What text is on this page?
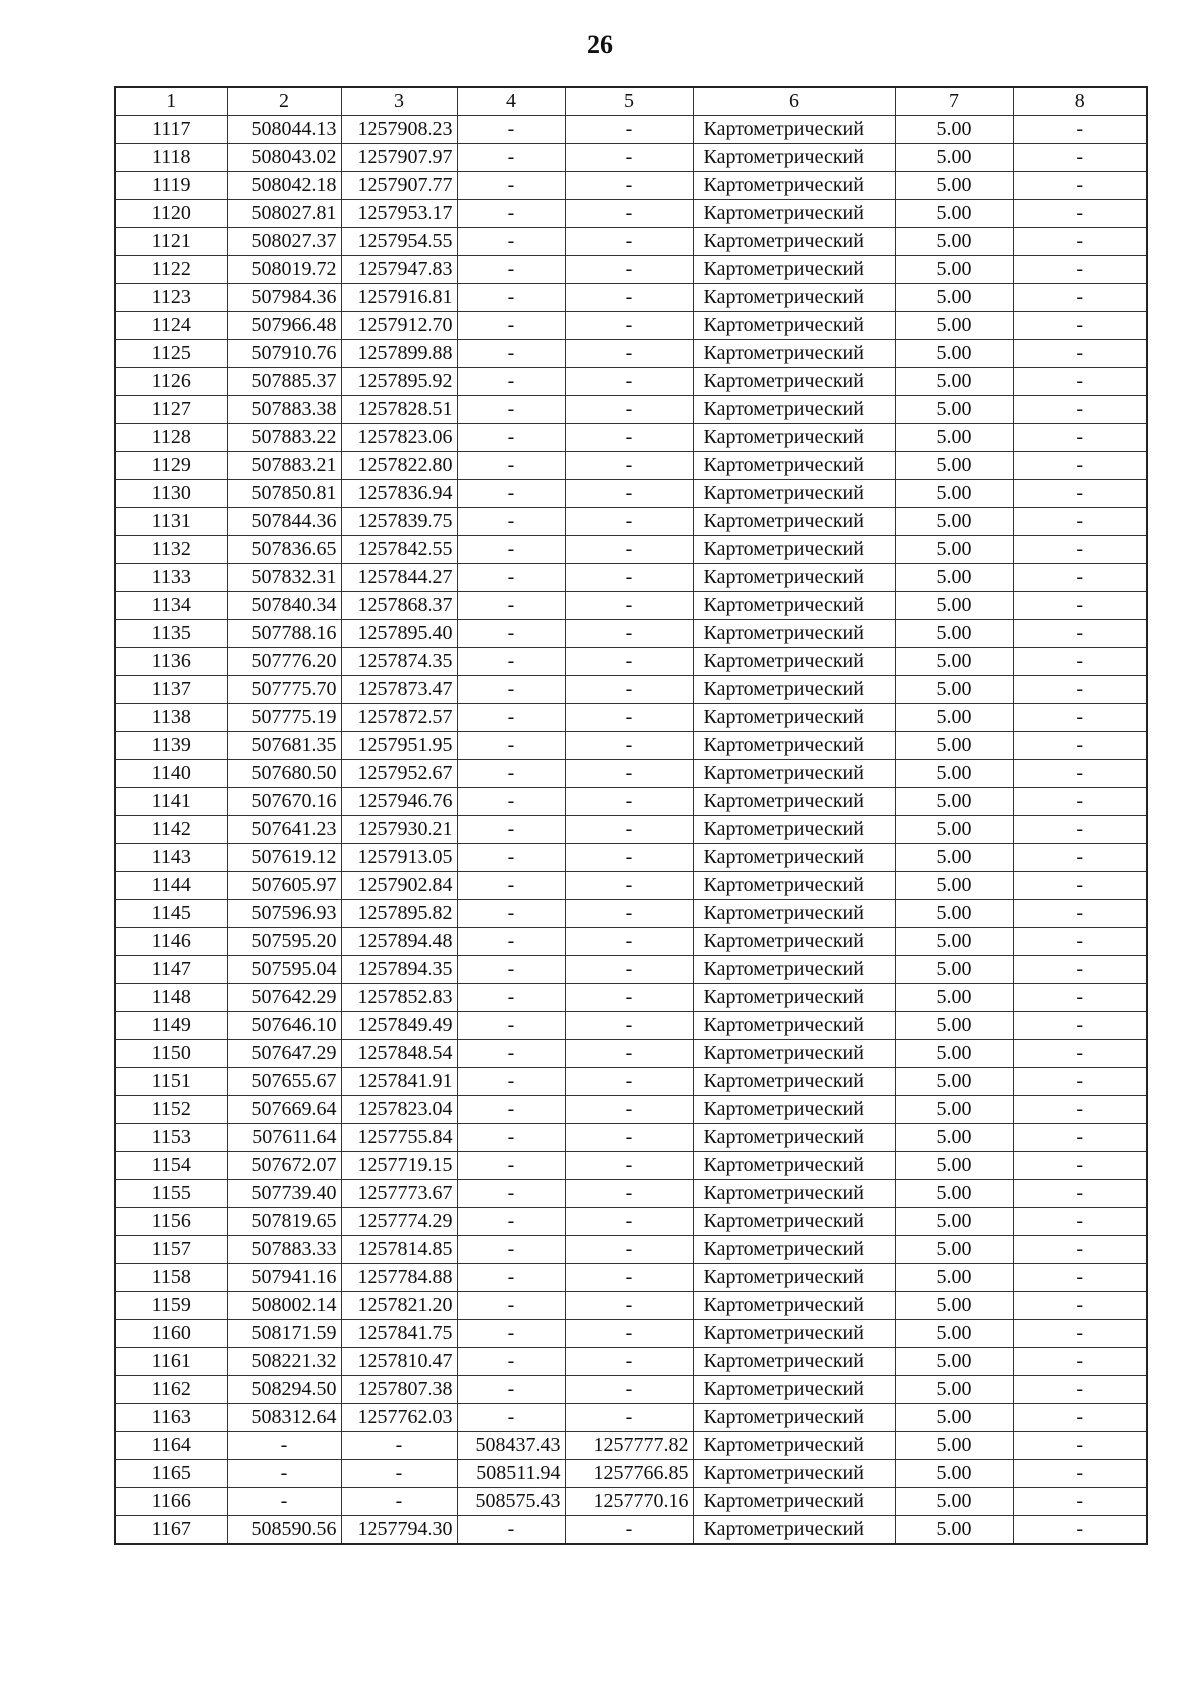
26
1	2	3	4	5	6	7	8
1117	508044.13	1257908.23	-	-	Картометрический	5.00	-
1118	508043.02	1257907.97	-	-	Картометрический	5.00	-
1119	508042.18	1257907.77	-	-	Картометрический	5.00	-
1120	508027.81	1257953.17	-	-	Картометрический	5.00	-
1121	508027.37	1257954.55	-	-	Картометрический	5.00	-
1122	508019.72	1257947.83	-	-	Картометрический	5.00	-
1123	507984.36	1257916.81	-	-	Картометрический	5.00	-
1124	507966.48	1257912.70	-	-	Картометрический	5.00	-
1125	507910.76	1257899.88	-	-	Картометрический	5.00	-
1126	507885.37	1257895.92	-	-	Картометрический	5.00	-
1127	507883.38	1257828.51	-	-	Картометрический	5.00	-
1128	507883.22	1257823.06	-	-	Картометрический	5.00	-
1129	507883.21	1257822.80	-	-	Картометрический	5.00	-
1130	507850.81	1257836.94	-	-	Картометрический	5.00	-
1131	507844.36	1257839.75	-	-	Картометрический	5.00	-
1132	507836.65	1257842.55	-	-	Картометрический	5.00	-
1133	507832.31	1257844.27	-	-	Картометрический	5.00	-
1134	507840.34	1257868.37	-	-	Картометрический	5.00	-
1135	507788.16	1257895.40	-	-	Картометрический	5.00	-
1136	507776.20	1257874.35	-	-	Картометрический	5.00	-
1137	507775.70	1257873.47	-	-	Картометрический	5.00	-
1138	507775.19	1257872.57	-	-	Картометрический	5.00	-
1139	507681.35	1257951.95	-	-	Картометрический	5.00	-
1140	507680.50	1257952.67	-	-	Картометрический	5.00	-
1141	507670.16	1257946.76	-	-	Картометрический	5.00	-
1142	507641.23	1257930.21	-	-	Картометрический	5.00	-
1143	507619.12	1257913.05	-	-	Картометрический	5.00	-
1144	507605.97	1257902.84	-	-	Картометрический	5.00	-
1145	507596.93	1257895.82	-	-	Картометрический	5.00	-
1146	507595.20	1257894.48	-	-	Картометрический	5.00	-
1147	507595.04	1257894.35	-	-	Картометрический	5.00	-
1148	507642.29	1257852.83	-	-	Картометрический	5.00	-
1149	507646.10	1257849.49	-	-	Картометрический	5.00	-
1150	507647.29	1257848.54	-	-	Картометрический	5.00	-
1151	507655.67	1257841.91	-	-	Картометрический	5.00	-
1152	507669.64	1257823.04	-	-	Картометрический	5.00	-
1153	507611.64	1257755.84	-	-	Картометрический	5.00	-
1154	507672.07	1257719.15	-	-	Картометрический	5.00	-
1155	507739.40	1257773.67	-	-	Картометрический	5.00	-
1156	507819.65	1257774.29	-	-	Картометрический	5.00	-
1157	507883.33	1257814.85	-	-	Картометрический	5.00	-
1158	507941.16	1257784.88	-	-	Картометрический	5.00	-
1159	508002.14	1257821.20	-	-	Картометрический	5.00	-
1160	508171.59	1257841.75	-	-	Картометрический	5.00	-
1161	508221.32	1257810.47	-	-	Картометрический	5.00	-
1162	508294.50	1257807.38	-	-	Картометрический	5.00	-
1163	508312.64	1257762.03	-	-	Картометрический	5.00	-
1164	-	-	508437.43	1257777.82	Картометрический	5.00	-
1165	-	-	508511.94	1257766.85	Картометрический	5.00	-
1166	-	-	508575.43	1257770.16	Картометрический	5.00	-
1167	508590.56	1257794.30	-	-	Картометрический	5.00	-
